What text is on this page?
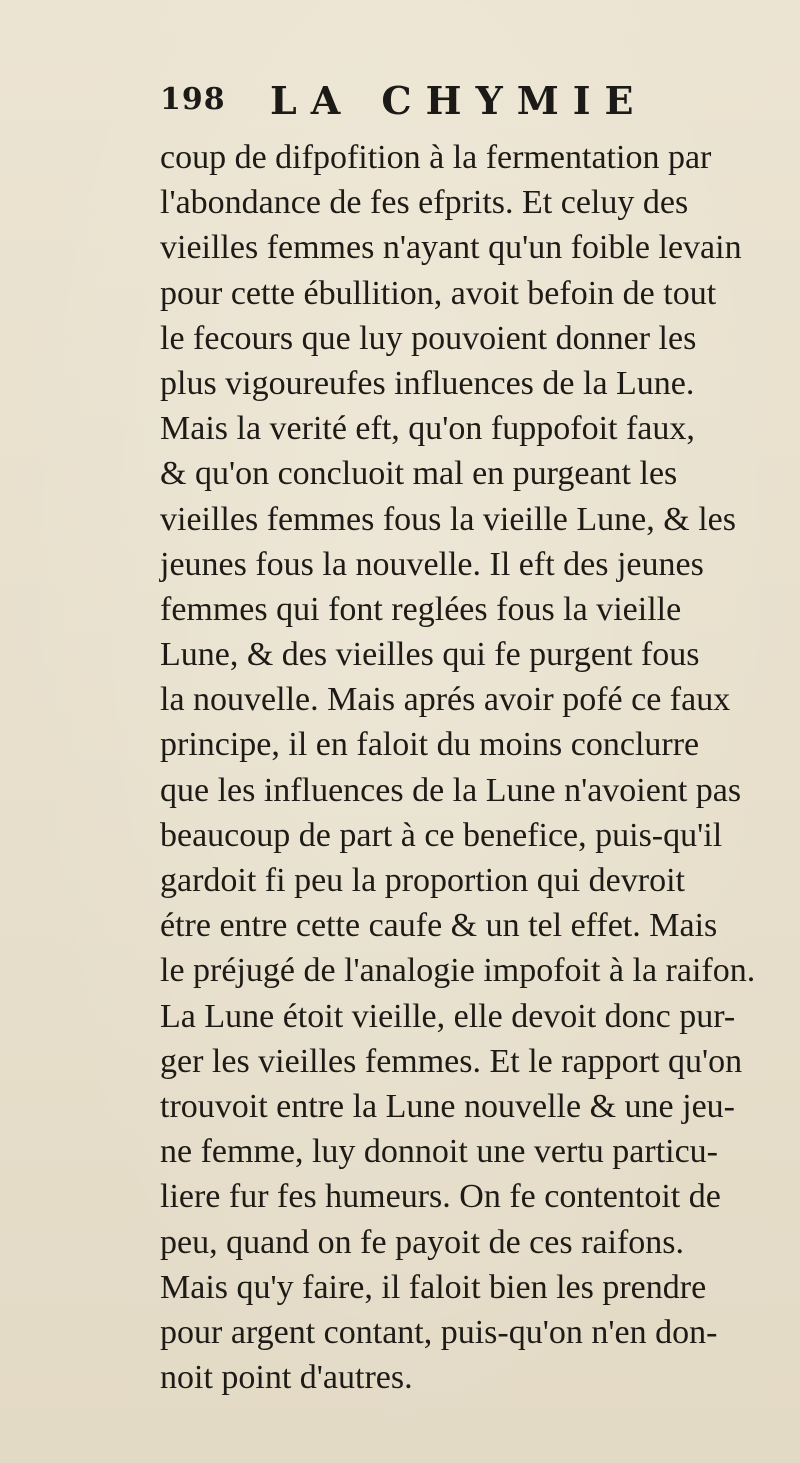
198 LA CHYMIE
coup de difpofition à la fermentation par
l'abondance de fes efprits. Et celuy des
vieilles femmes n'ayant qu'un foible levain
pour cette ébullition, avoit befoin de tout
le fecours que luy pouvoient donner les
plus vigoureufes influences de la Lune.
Mais la verité eft, qu'on fuppofoit faux,
& qu'on concluoit mal en purgeant les
vieilles femmes fous la vieille Lune, & les
jeunes fous la nouvelle. Il eft des jeunes
femmes qui font reglées fous la vieille
Lune, & des vieilles qui fe purgent fous
la nouvelle. Mais aprés avoir pofé ce faux
principe, il en faloit du moins conclurre
que les influences de la Lune n'avoient pas
beaucoup de part à ce benefice, puis-qu'il
gardoit fi peu la proportion qui devroit
étre entre cette caufe & un tel effet. Mais
le préjugé de l'analogie impofoit à la raifon.
La Lune étoit vieille, elle devoit donc pur-
ger les vieilles femmes. Et le rapport qu'on
trouvoit entre la Lune nouvelle & une jeu-
ne femme, luy donnoit une vertu particu-
liere fur fes humeurs. On fe contentoit de
peu, quand on fe payoit de ces raifons.
Mais qu'y faire, il faloit bien les prendre
pour argent contant, puis-qu'on n'en don-
noit point d'autres.
